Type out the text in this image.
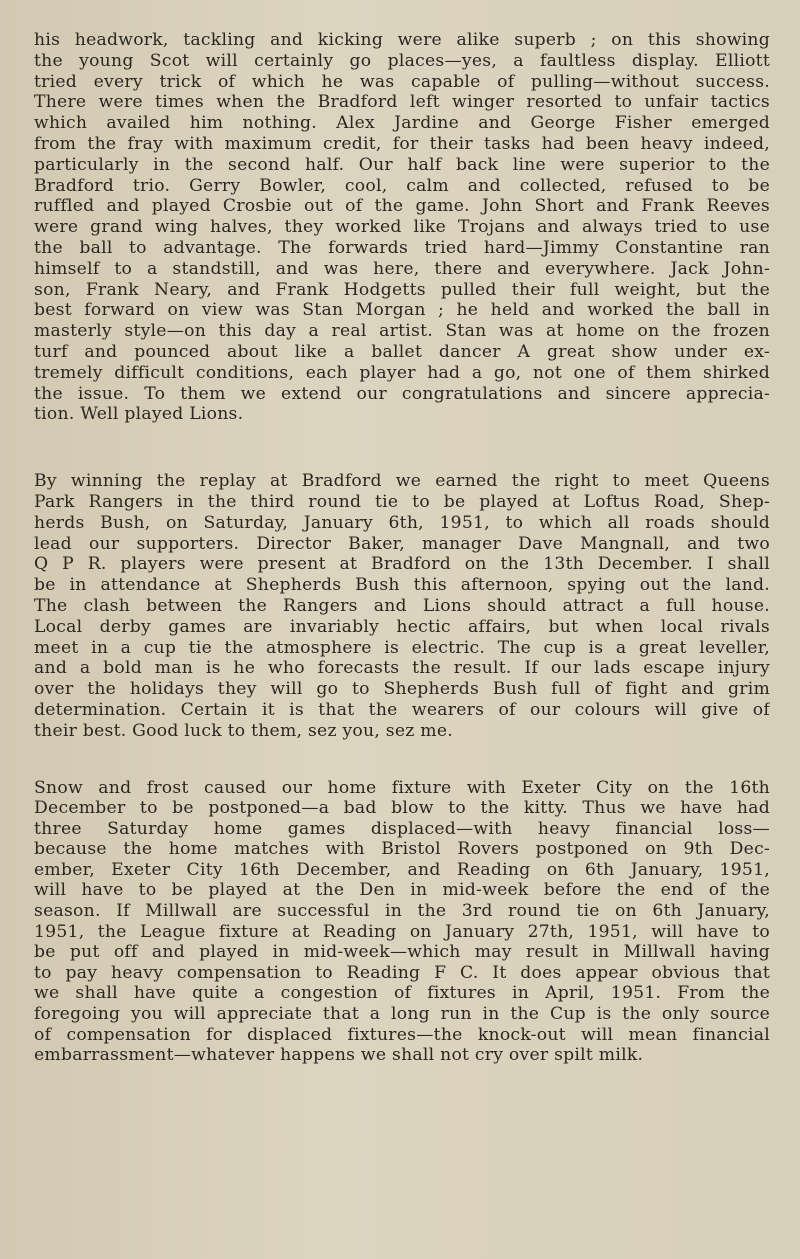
his headwork, tackling and kicking were alike superb ; on this showing
the young Scot will certainly go places—yes, a faultless display. Elliott
tried every trick of which he was capable of pulling—without success.
There were times when the Bradford left winger resorted to unfair tactics
which availed him nothing. Alex Jardine and George Fisher emerged
from the fray with maximum credit, for their tasks had been heavy indeed,
particularly in the second half. Our half back line were superior to the
Bradford trio. Gerry Bowler, cool, calm and collected, refused to be
ruffled and played Crosbie out of the game. John Short and Frank Reeves
were grand wing halves, they worked like Trojans and always tried to use
the ball to advantage. The forwards tried hard—Jimmy Constantine ran
himself to a standstill, and was here, there and everywhere. Jack John-
son, Frank Neary, and Frank Hodgetts pulled their full weight, but the
best forward on view was Stan Morgan ; he held and worked the ball in
masterly style—on this day a real artist. Stan was at home on the frozen
turf and pounced about like a ballet dancer A great show under ex-
tremely difficult conditions, each player had a go, not one of them shirked
the issue. To them we extend our congratulations and sincere apprecia-
tion. Well played Lions.
By winning the replay at Bradford we earned the right to meet Queens
Park Rangers in the third round tie to be played at Loftus Road, Shep-
herds Bush, on Saturday, January 6th, 1951, to which all roads should
lead our supporters. Director Baker, manager Dave Mangnall, and two
Q P R. players were present at Bradford on the 13th December. I shall
be in attendance at Shepherds Bush this afternoon, spying out the land.
The clash between the Rangers and Lions should attract a full house.
Local derby games are invariably hectic affairs, but when local rivals
meet in a cup tie the atmosphere is electric. The cup is a great leveller,
and a bold man is he who forecasts the result. If our lads escape injury
over the holidays they will go to Shepherds Bush full of fight and grim
determination. Certain it is that the wearers of our colours will give of
their best. Good luck to them, sez you, sez me.
Snow and frost caused our home fixture with Exeter City on the 16th
December to be postponed—a bad blow to the kitty. Thus we have had
three Saturday home games displaced—with heavy financial loss—
because the home matches with Bristol Rovers postponed on 9th Dec-
ember, Exeter City 16th December, and Reading on 6th January, 1951,
will have to be played at the Den in mid-week before the end of the
season. If Millwall are successful in the 3rd round tie on 6th January,
1951, the League fixture at Reading on January 27th, 1951, will have to
be put off and played in mid-week—which may result in Millwall having
to pay heavy compensation to Reading F C. It does appear obvious that
we shall have quite a congestion of fixtures in April, 1951. From the
foregoing you will appreciate that a long run in the Cup is the only source
of compensation for displaced fixtures—the knock-out will mean financial
embarrassment—whatever happens we shall not cry over spilt milk.
